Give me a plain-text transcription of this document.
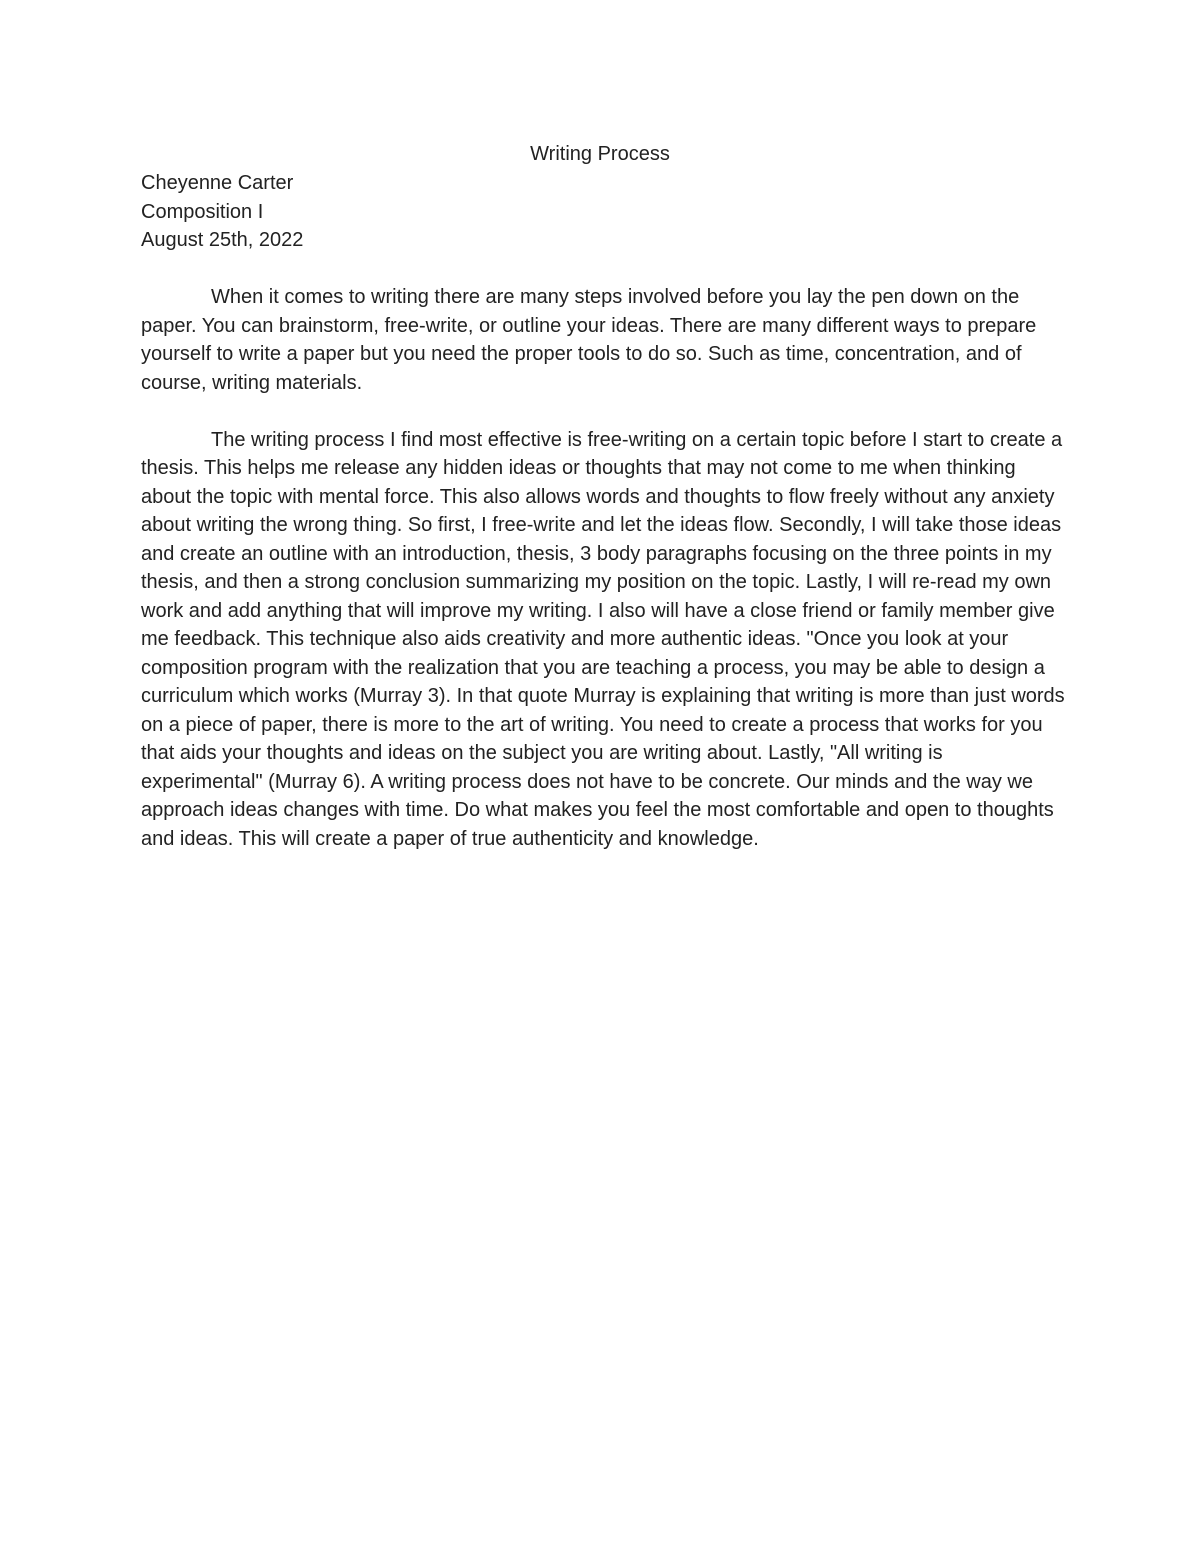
Writing Process
Cheyenne Carter
Composition I
August 25th, 2022

When it comes to writing there are many steps involved before you lay the pen down on the paper. You can brainstorm, free-write, or outline your ideas. There are many different ways to prepare yourself to write a paper but you need the proper tools to do so. Such as time, concentration, and of course, writing materials.

The writing process I find most effective is free-writing on a certain topic before I start to create a thesis. This helps me release any hidden ideas or thoughts that may not come to me when thinking about the topic with mental force. This also allows words and thoughts to flow freely without any anxiety about writing the wrong thing. So first, I free-write and let the ideas flow. Secondly, I will take those ideas and create an outline with an introduction, thesis, 3 body paragraphs focusing on the three points in my thesis, and then a strong conclusion summarizing my position on the topic. Lastly, I will re-read my own work and add anything that will improve my writing. I also will have a close friend or family member give me feedback. This technique also aids creativity and more authentic ideas. "Once you look at your composition program with the realization that you are teaching a process, you may be able to design a curriculum which works (Murray 3). In that quote Murray is explaining that writing is more than just words on a piece of paper, there is more to the art of writing. You need to create a process that works for you that aids your thoughts and ideas on the subject you are writing about. Lastly, "All writing is experimental" (Murray 6). A writing process does not have to be concrete. Our minds and the way we approach ideas changes with time. Do what makes you feel the most comfortable and open to thoughts and ideas. This will create a paper of true authenticity and knowledge.
